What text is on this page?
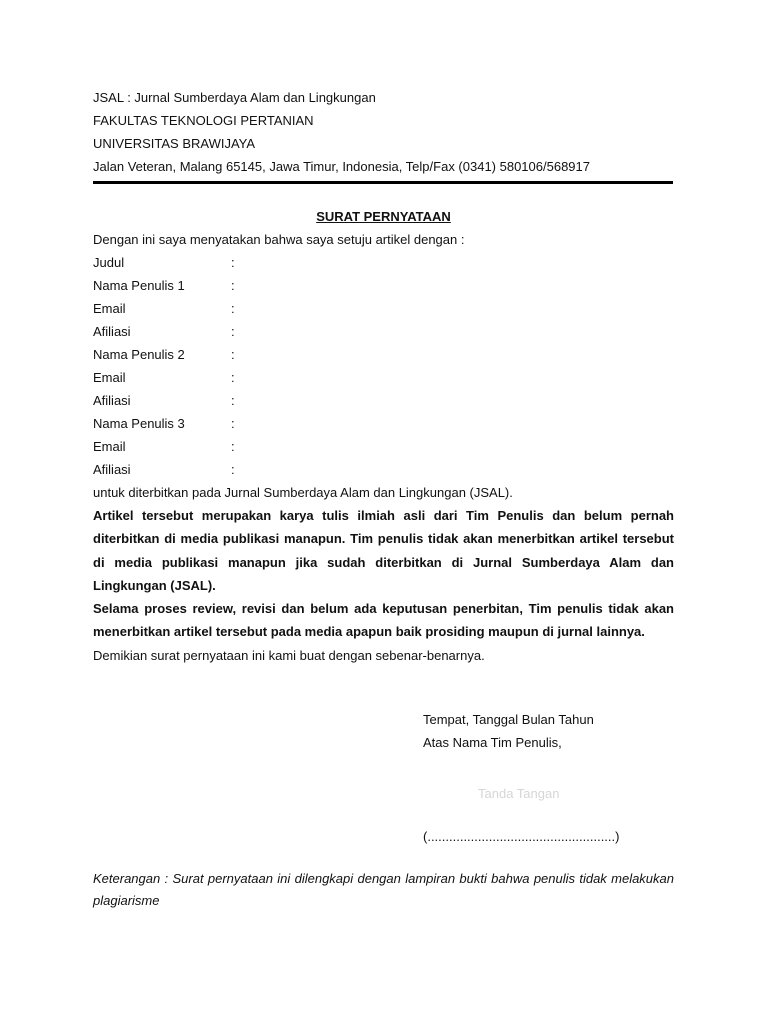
JSAL : Jurnal Sumberdaya Alam dan Lingkungan
FAKULTAS TEKNOLOGI PERTANIAN
UNIVERSITAS BRAWIJAYA
Jalan Veteran, Malang 65145, Jawa Timur, Indonesia, Telp/Fax (0341) 580106/568917
SURAT PERNYATAAN
Dengan ini saya menyatakan bahwa saya setuju artikel dengan :
Judul	:
Nama Penulis 1	:
Email	:
Afiliasi	:
Nama Penulis 2	:
Email	:
Afiliasi	:
Nama Penulis 3	:
Email	:
Afiliasi	:
untuk diterbitkan pada Jurnal Sumberdaya Alam dan Lingkungan (JSAL).
Artikel tersebut merupakan karya tulis ilmiah asli dari Tim Penulis dan belum pernah diterbitkan di media publikasi manapun. Tim penulis tidak akan menerbitkan artikel tersebut di media publikasi manapun jika sudah diterbitkan di Jurnal Sumberdaya Alam dan Lingkungan (JSAL).
Selama proses review, revisi dan belum ada keputusan penerbitan, Tim penulis tidak akan menerbitkan artikel tersebut pada media apapun baik prosiding maupun di jurnal lainnya.
Demikian surat pernyataan ini kami buat dengan sebenar-benarnya.
Tempat, Tanggal Bulan Tahun
Atas Nama Tim Penulis,
Tanda Tangan
(....................................................)
Keterangan : Surat pernyataan ini dilengkapi dengan lampiran bukti bahwa penulis tidak melakukan plagiarisme
